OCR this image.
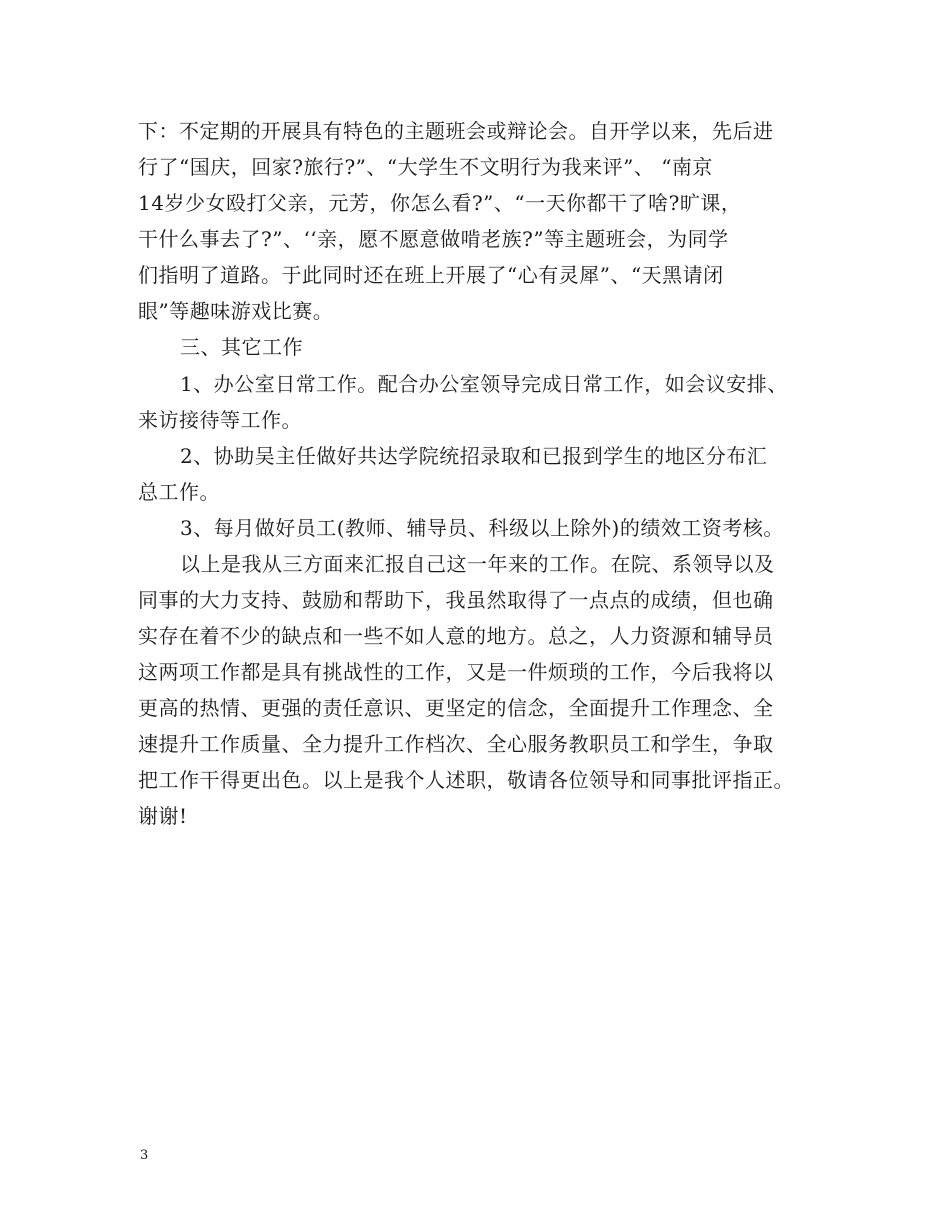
下：不定期的开展具有特色的主题班会或辩论会。自开学以来，先后进
行了“国庆，回家?旅行?”、“大学生不文明行为我来评”、 “南京
14岁少女殴打父亲，元芳，你怎么看?”、“一天你都干了啥?旷课，
干什么事去了?”、‘‘亲，愿不愿意做啃老族?”等主题班会，为同学
们指明了道路。于此同时还在班上开展了“心有灵犀”、“天黑请闭
眼”等趣味游戏比赛。
三、其它工作
1、办公室日常工作。配合办公室领导完成日常工作，如会议安排、
来访接待等工作。
2、协助吴主任做好共达学院统招录取和已报到学生的地区分布汇
总工作。
3、每月做好员工(教师、辅导员、科级以上除外)的绩效工资考核。
以上是我从三方面来汇报自己这一年来的工作。在院、系领导以及
同事的大力支持、鼓励和帮助下，我虽然取得了一点点的成绩，但也确
实存在着不少的缺点和一些不如人意的地方。总之，人力资源和辅导员
这两项工作都是具有挑战性的工作，又是一件烦琐的工作，今后我将以
更高的热情、更强的责任意识、更坚定的信念，全面提升工作理念、全
速提升工作质量、全力提升工作档次、全心服务教职员工和学生，争取
把工作干得更出色。以上是我个人述职，敬请各位领导和同事批评指正。
谢谢!
3
